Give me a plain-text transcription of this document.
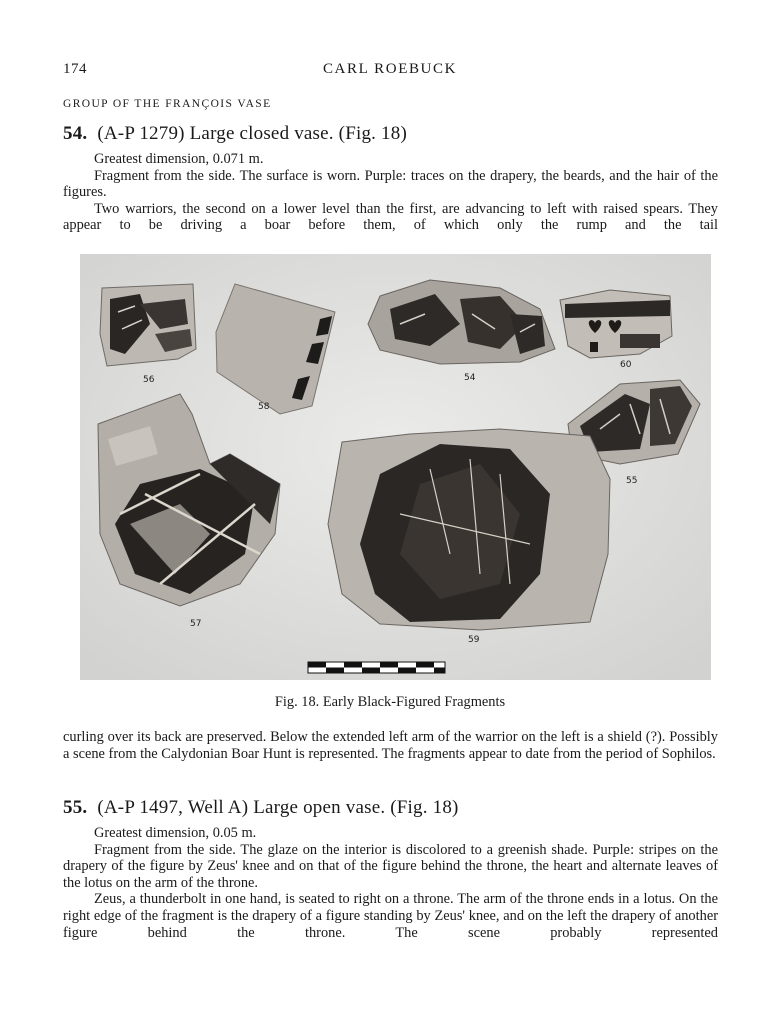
174	CARL ROEBUCK
GROUP OF THE FRANÇOIS VASE
54. (A-P 1279) Large closed vase. (Fig. 18)

Greatest dimension, 0.071 m.

Fragment from the side. The surface is worn. Purple: traces on the drapery, the beards, and the hair of the figures.

Two warriors, the second on a lower level than the first, are advancing to left with raised spears. They appear to be driving a boar before them, of which only the rump and the tail

56
58
54
60
55
57
59
Fig. 18. Early Black-Figured Fragments

curling over its back are preserved. Below the extended left arm of the warrior on the left is a shield (?). Possibly a scene from the Calydonian Boar Hunt is represented. The fragments appear to date from the period of Sophilos.

55. (A-P 1497, Well A) Large open vase. (Fig. 18)

Greatest dimension, 0.05 m.

Fragment from the side. The glaze on the interior is discolored to a greenish shade. Purple: stripes on the drapery of the figure by Zeus' knee and on that of the figure behind the throne, the heart and alternate leaves of the lotus on the arm of the throne.

Zeus, a thunderbolt in one hand, is seated to right on a throne. The arm of the throne ends in a lotus. On the right edge of the fragment is the drapery of a figure standing by Zeus' knee, and on the left the drapery of another figure behind the throne. The scene probably represented
